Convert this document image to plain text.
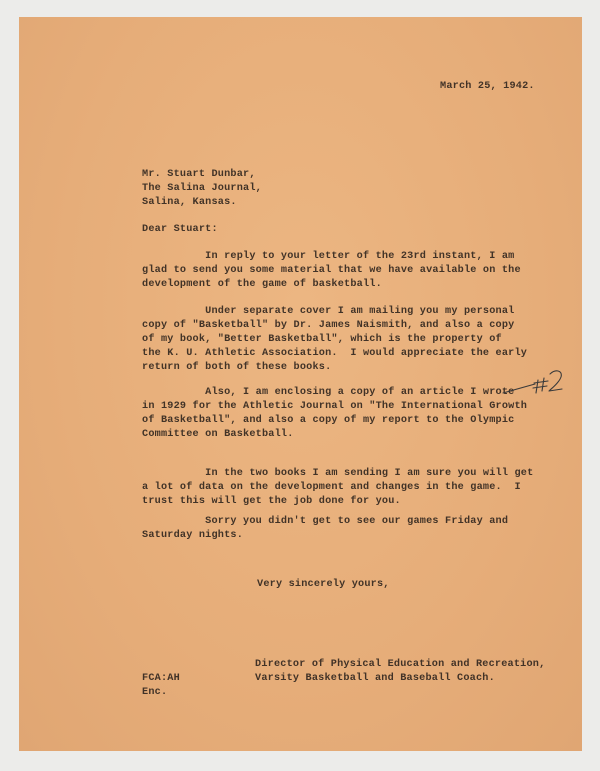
March 25, 1942.
Mr. Stuart Dunbar,
The Salina Journal,
Salina, Kansas.
Dear Stuart:
In reply to your letter of the 23rd instant, I am
glad to send you some material that we have available on the
development of the game of basketball.
Under separate cover I am mailing you my personal
copy of "Basketball" by Dr. James Naismith, and also a copy
of my book, "Better Basketball", which is the property of
the K. U. Athletic Association.  I would appreciate the early
return of both of these books.
Also, I am enclosing a copy of an article I wrote
in 1929 for the Athletic Journal on "The International Growth
of Basketball", and also a copy of my report to the Olympic
Committee on Basketball.
In the two books I am sending I am sure you will get
a lot of data on the development and changes in the game.  I
trust this will get the job done for you.
Sorry you didn't get to see our games Friday and
Saturday nights.
Very sincerely yours,
Director of Physical Education and Recreation,
Varsity Basketball and Baseball Coach.
FCA:AH
Enc.
